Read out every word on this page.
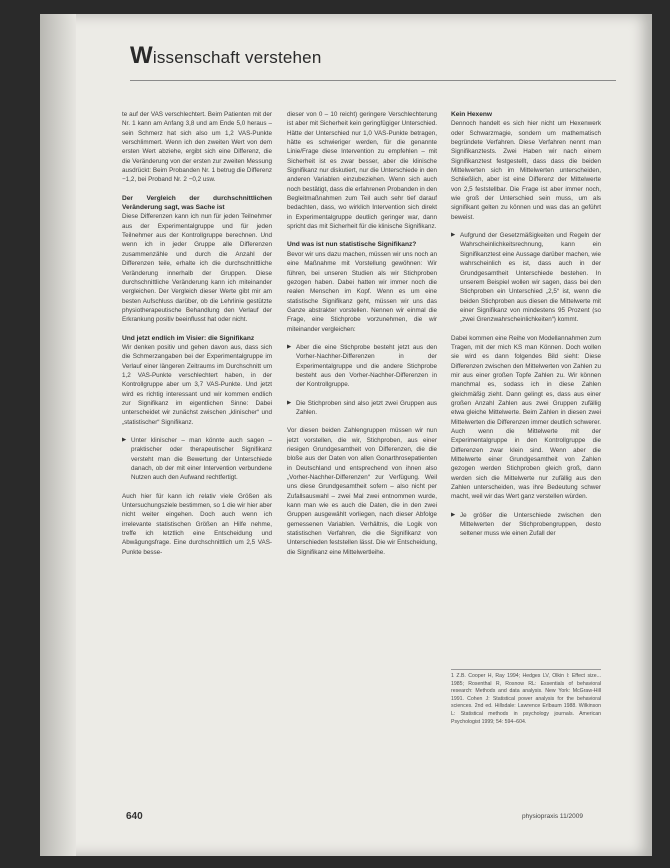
Wissenschaft verstehen

te auf der VAS verschlechtert. Beim Patienten mit der Nr. 1 kann am Anfang 3,8 und am Ende 5,0 heraus – sein Schmerz hat sich also um 1,2 VAS-Punkte verschlimmert. Wenn ich den zweiten Wert von dem ersten Wert abziehe, ergibt sich eine Differenz, die die Veränderung von der ersten zur zweiten Messung ausdrückt: Beim Probanden Nr. 1 betrug die Differenz −1,2, bei Proband Nr. 2 −0,2 usw.

Der Vergleich der durchschnittlichen Veränderung sagt, was Sache ist

Diese Differenzen kann ich nun für jeden Teilnehmer aus der Experimentalgruppe und für jeden Teilnehmer aus der Kontrollgruppe berechnen. Und wenn ich in jeder Gruppe alle Differenzen zusammenzähle und durch die Anzahl der Differenzen teile, erhalte ich die durchschnittliche Veränderung innerhalb der Gruppen. Diese durchschnittliche Veränderung kann ich miteinander vergleichen. Der Vergleich dieser Werte gibt mir am besten Aufschluss darüber, ob die Lehrlinie gestützte physiotherapeutische Behandlung den Verlauf der Erkrankung positiv beeinflusst hat oder nicht.

Und jetzt endlich im Visier: die Signifikanz

Wir denken positiv und gehen davon aus, dass sich die Schmerzangaben bei der Experimentalgruppe im Verlauf einer längeren Zeitraums im Durchschnitt um 1,2 VAS-Punkte verschlechtert haben, in der Kontrollgruppe aber um 3,7 VAS-Punkte. Und jetzt wird es richtig interessant und wir kommen endlich zur Signifikanz im eigentlichen Sinne: Dabei unterscheidet wir zunächst zwischen „klinischer“ und „statistischer“ Signifikanz.

▶ Unter klinischer – man könnte auch sagen – praktischer oder therapeutischer Signifikanz versteht man die Bewertung der Unterschiede danach, ob der mit einer Intervention verbundene Nutzen auch den Aufwand rechtfertigt.

Auch hier für kann ich relativ viele Größen als Untersuchungsziele bestimmen, so 1 die wir hier aber nicht weiter eingehen. Doch auch wenn ich irrelevante statistischen Größen an Hilfe nehme, treffe ich letztlich eine Entscheidung und Abwägungsfrage. Eine durchschnittlich um 2,5 VAS-Punkte besse-

dieser von 0 – 10 reicht) geringere Verschlechterung ist aber mit Sicherheit kein geringfügiger Unterschied. Hätte der Unterschied nur 1,0 VAS-Punkte betragen, hätte es schwieriger werden, für die genannte Linie/Frage diese Intervention zu empfehlen – mit Sicherheit ist es zwar besser, aber die klinische Signifikanz nur diskutiert, nur die Unterschiede in den anderen Variablen einzubeziehen. Wenn sich auch noch bestätigt, dass die erfahrenen Probanden in den Begleitmaßnahmen zum Teil auch sehr tief darauf bedachten, dass, wo wirklich Intervention sich direkt in Experimentalgruppe deutlich geringer war, dann spricht das mit Sicherheit für die klinische Signifikanz.

Und was ist nun statistische Signifikanz?

Bevor wir uns dazu machen, müssen wir uns noch an eine Maßnahme mit Vorstellung gewöhnen: Wir führen, bei unseren Studien als wir Stichproben gezogen haben. Dabei hatten wir immer noch die realen Menschen im Kopf. Wenn es um eine statistische Signifikanz geht, müssen wir uns das Ganze abstrakter vorstellen. Nennen wir einmal die Frage, eine Stichprobe vorzunehmen, die wir miteinander vergleichen:

▶ Aber die eine Stichprobe besteht jetzt aus den Vorher-Nachher-Differenzen in der Experimentalgruppe und die andere Stichprobe besteht aus den Vorher-Nachher-Differenzen in der Kontrollgruppe.

▶ Die Stichproben sind also jetzt zwei Gruppen aus Zahlen.

Vor diesen beiden Zahlengruppen müssen wir nun jetzt vorstellen, die wir, Stichproben, aus einer riesigen Grundgesamtheit von Differenzen, die die bloße aus der Daten von allen Gonarthrosepatienten in Deutschland und entsprechend von ihnen also „Vorher-Nachher-Differenzen“ zur Verfügung. Weil uns diese Grundgesamtheit sofern – also nicht per Zufallsauswahl – zwei Mal zwei entnommen wurde, kann man wie es auch die Daten, die in den zwei Gruppen ausgewählt vorliegen, nach dieser Abfolge gemessenen Variablen. Verhältnis, die Logik von statistischen Verfahren, die die Signifikanz von Unterschieden feststellen lässt. Die wir Entscheidung, die Signifikanz eine Mittelwertleihe.

Kein Hexenw

Dennoch handelt es sich hier nicht um Hexenwerk oder Schwarzmagie, sondern um mathematisch begründete Verfahren. Diese Verfahren nennt man Signifikanztests. Zwei Haben wir nach einem Signifikanztest festgestellt, dass dass die beiden Mittelwerten sich im Mittelwerten unterscheiden, Schließlich, aber ist eine Differenz der Mittelwerte von 2,5 feststellbar. Die Frage ist aber immer noch, wie groß der Unterschied sein muss, um als signifikant gelten zu können und was das an geführt beweist.

▶ Aufgrund der Gesetzmäßigkeiten und Regeln der Wahrscheinlichkeitsrechnung, kann ein Signifikanztest eine Aussage darüber machen, wie wahrscheinlich es ist, dass auch in der Grundgesamtheit Unterschiede bestehen. In unserem Beispiel wollen wir sagen, dass bei den Stichproben ein Unterschied „2,5“ ist, wenn die beiden Stichproben aus diesen die Mittelwerte mit einer Signifikanz von mindestens 95 Prozent (so „zwei Grenzwahrscheinlichkeiten“) kommt.

Dabei kommen eine Reihe von Modellannahmen zum Tragen, mit der mich KS man Können. Doch wollen sie wird es dann folgendes Bild sieht: Diese Differenzen zwischen den Mittelwerten von Zahlen zu mir aus einer großen Topfe Zahlen zu. Wir können manchmal es, sodass ich in diese Zahlen gleichmäßig zieht. Dann gelingt es, dass aus einer großen Anzahl Zahlen aus zwei Gruppen zufällig etwa gleiche Mittelwerte. Beim Zahlen in diesen zwei Mittelwerten die Differenzen immer deutlich schwerer. Auch wenn die Mittelwerte mit der Experimentalgruppe in den Kontrollgruppe die Differenzen zwar klein sind. Wenn aber die Mittelwerte einer Grundgesamtheit von Zahlen gezogen werden Stichproben gleich groß, dann werden sich die Mittelwerte nur zufällig aus den Zahlen unterscheiden, was ihre Bedeutung schwer macht, weil wir das Wert ganz verstellen würden.

▶ Je größer die Unterschiede zwischen den Mittelwerten der Stichprobengruppen, desto seltener muss wie einen Zufall der

1 Z.B. Cooper H, Ray 1994; Hedges LV, Olkin I: Effect size... 1985; Rosenthal R, Rosnow RL: Essentials of behavioral research: Methods and data analysis. New York: McGraw-Hill 1991. Cohen J: Statistical power analysis for the behavioral sciences. 2nd ed. Hillsdale: Lawrence Erlbaum 1988. Wilkinson L: Statistical methods in psychology journals. American Psychologist 1999; 54: 594–604.

640	physiopraxis 11/2009
